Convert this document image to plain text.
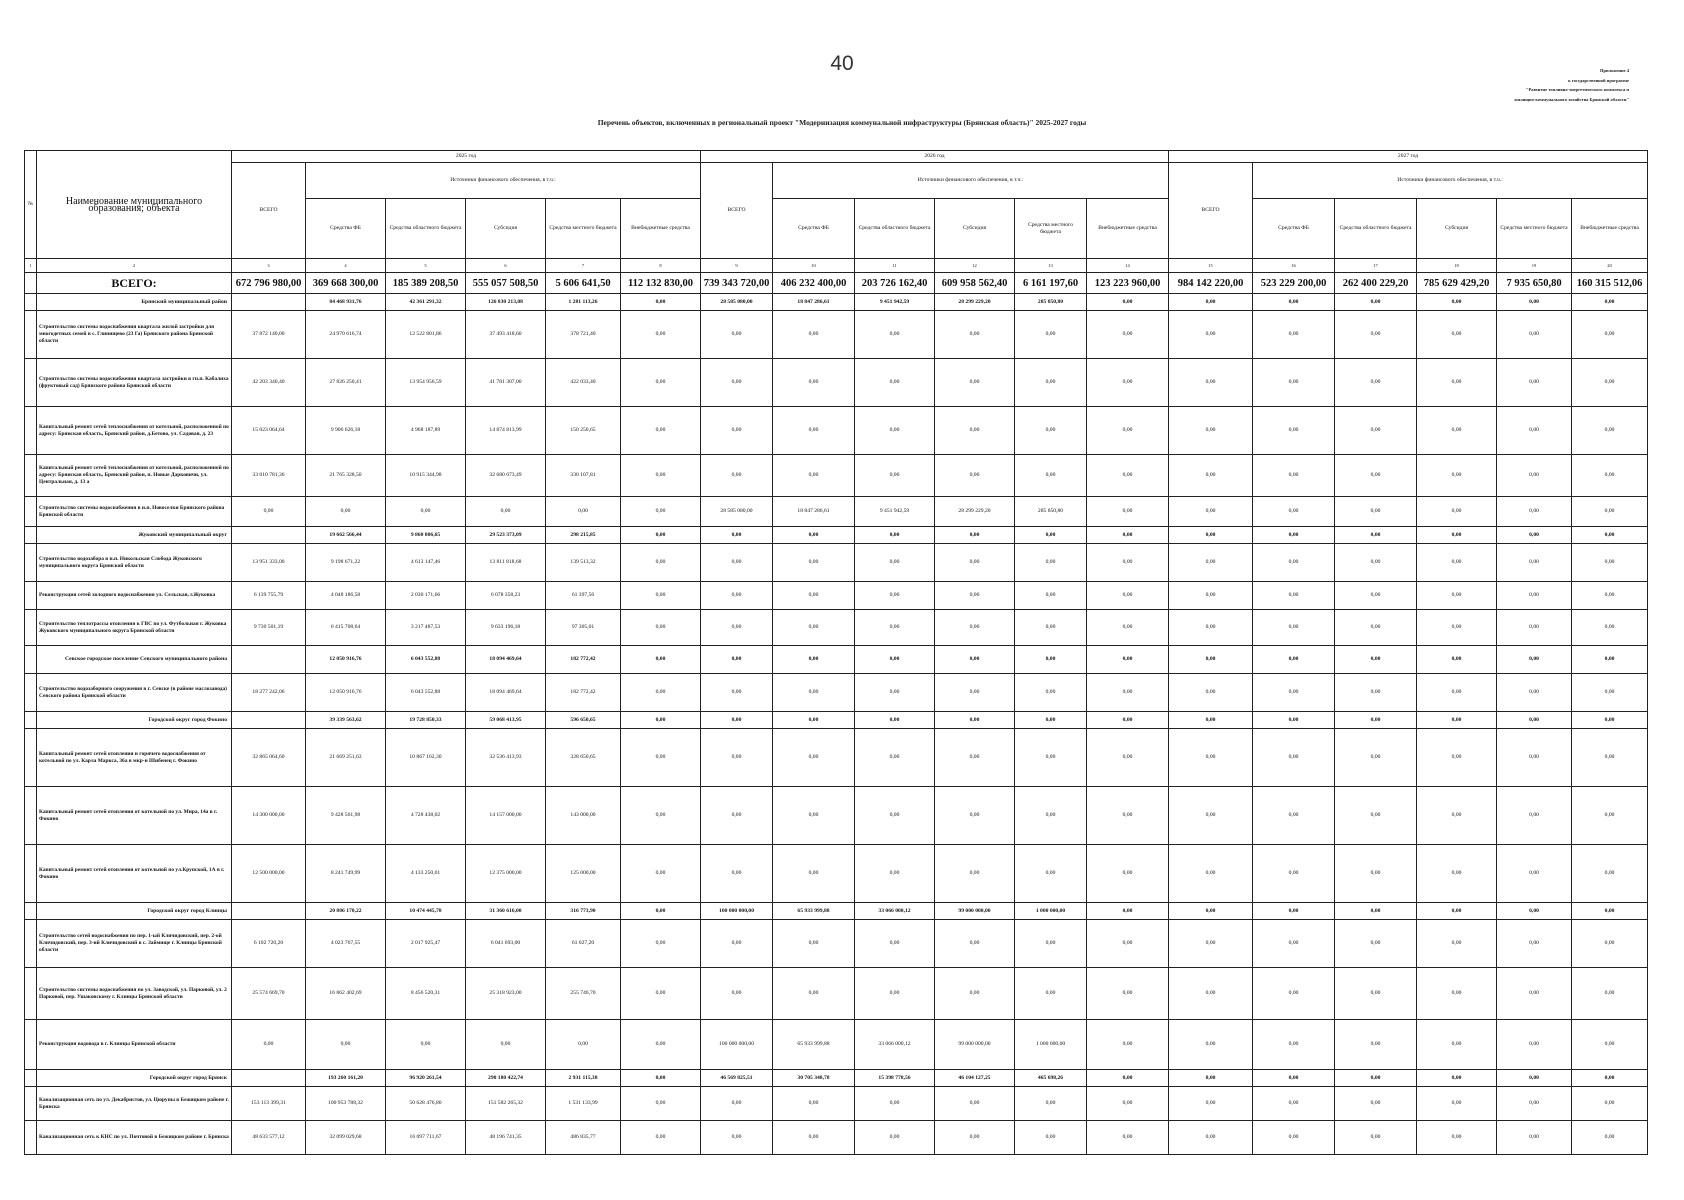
40	Приложение 4
к государственной программе
"Развитие топливно-энергетического комплекса и
жилищно-коммунального хозяйства Брянской области"
Перечень объектов, включенных в региональный проект "Модернизация коммунальной инфраструктуры (Брянская область)" 2025-2027 годы
№	Наименование муниципального образования; объекта	2025 год						2026 год						2027 год					
		ВСЕГО	Источники финансового обеспечения, в т.ч.:					ВСЕГО	Источники финансового обеспечения, в т.ч.:					ВСЕГО	Источники финансового обеспечения, в т.ч.:				
			Средства ФБ	Средства областного бюджета	Субсидия	Средства местного бюджета	Внебюджетные средства		Средства ФБ	Средства областного бюджета	Субсидия	Средства местного бюджета	Внебюджетные средства		Средства ФБ	Средства областного бюджета	Субсидия	Средства местного бюджета	Внебюджетные средства
1	2	3	4	5	6	7	8	9	10	11	12	13	14	15	16	17	18	19	20
	ВСЕГО:	672 796 980,00	369 668 300,00	185 389 208,50	555 057 508,50	5 606 641,50	112 132 830,00	739 343 720,00	406 232 400,00	203 726 162,40	609 958 562,40	6 161 197,60	123 223 960,00	984 142 220,00	523 229 200,00	262 400 229,20	785 629 429,20	7 935 650,80	160 315 512,06
	Брянский муниципальный район		84 468 931,76	42 361 291,32	126 830 213,08	1 281 113,26	0,00	28 585 080,00	18 847 286,61	9 451 942,59	28 299 229,20	285 850,80	0,00	0,00	0,00	0,00	0,00	0,00	0,00
	Строительство системы водоснабжения квартала жилой застройки для многодетных семей в с. Глинищево (23 Га) Брянского района Брянской области	37 872 140,00	24 970 616,74	12 522 801,86	37 493 418,60	378 721,40	0,00	0,00	0,00	0,00	0,00	0,00	0,00	0,00	0,00	0,00	0,00	0,00	0,00
	Строительство системы водоснабжения квартала застройки в гп.п. Кабалиха (фруктовый сад) Брянского района Брянской области	42 203 340,40	27 826 250,41	13 954 956,59	41 781 307,00	422 033,40	0,00	0,00	0,00	0,00	0,00	0,00	0,00	0,00	0,00	0,00	0,00	0,00	0,00
	Капитальный ремонт сетей теплоснабжения от котельной, расположенной по адресу: Брянская область, Брянский район, д.Бетово, ул. Садовая, д. 23	15 023 064,64	9 906 626,18	4 968 187,89	14 874 813,99	150 250,65	0,00	0,00	0,00	0,00	0,00	0,00	0,00	0,00	0,00	0,00	0,00	0,00	0,00
	Капитальный ремонт сетей теплоснабжения от котельной, расположенной по адресу: Брянская область, Брянский район, п. Новые Дарковичи, ул. Центральная, д. 13 а	33 010 781,36	21 765 328,50	10 915 344,98	32 680 673,49	330 107,81	0,00	0,00	0,00	0,00	0,00	0,00	0,00	0,00	0,00	0,00	0,00	0,00	0,00
	Строительство системы водоснабжения в н.п. Новоселки Брянского района Брянской области	0,00	0,00	0,00	0,00	0,00	0,00	28 585 080,00	18 847 286,61	9 451 942,59	28 299 229,20	285 850,80	0,00	0,00	0,00	0,00	0,00	0,00	0,00
	Жуковский муниципальный округ		19 662 566,44	9 860 806,65	29 523 373,09	298 215,85	0,00	0,00	0,00	0,00	0,00	0,00	0,00	0,00	0,00	0,00	0,00	0,00	0,00
	Строительство водозабора в н.п. Никольская Слобода Жуковского муниципального округа Брянской области	13 951 333,00	9 198 671,22	4 613 147,46	13 811 818,68	139 513,32	0,00	0,00	0,00	0,00	0,00	0,00	0,00	0,00	0,00	0,00	0,00	0,00	0,00
	Реконструкция сетей холодного водоснабжения ул. Сельская, г.Жуковка	6 139 755,79	4 048 186,58	2 030 171,66	6 078 358,23	61 397,56	0,00	0,00	0,00	0,00	0,00	0,00	0,00	0,00	0,00	0,00	0,00	0,00	0,00
	Строительство теплотрассы отопления к ГВС по ул. Футбольная г. Жуковка Жуковского муниципального округа Брянской области	9 730 501,19	6 415 708,64	3 217 487,53	9 633 196,18	97 305,01	0,00	0,00	0,00	0,00	0,00	0,00	0,00	0,00	0,00	0,00	0,00	0,00	0,00
	Севское городское поселение Севского муниципального района		12 050 916,76	6 043 552,88	18 094 469,64	182 772,42	0,00	0,00	0,00	0,00	0,00	0,00	0,00	0,00	0,00	0,00	0,00	0,00	0,00
	Строительство водозаборного сооружения в г. Севске (в районе маслозавода) Севского района Брянской области	18 277 242,06	12 050 916,76	6 043 552,88	18 094 469,64	182 772,42	0,00	0,00	0,00	0,00	0,00	0,00	0,00	0,00	0,00	0,00	0,00	0,00	0,00
	Городской округ город Фокино		39 339 563,62	19 728 850,33	59 068 413,95	596 650,65	0,00	0,00	0,00	0,00	0,00	0,00	0,00	0,00	0,00	0,00	0,00	0,00	0,00
	Капитальный ремонт сетей отопления и горячего водоснабжения от котельной по ул. Карла Маркса, 36а в мкр-н Шибенец г. Фокино	32 865 064,60	21 669 251,63	10 867 162,30	32 536 413,93	328 650,65	0,00	0,00	0,00	0,00	0,00	0,00	0,00	0,00	0,00	0,00	0,00	0,00	0,00
	Капитальный ремонт сетей отопления от котельной по ул. Мира, 14а в г. Фокино	14 300 000,00	9 428 561,98	4 728 438,02	14 157 000,00	143 000,00	0,00	0,00	0,00	0,00	0,00	0,00	0,00	0,00	0,00	0,00	0,00	0,00	0,00
	Капитальный ремонт сетей отопления от котельной по ул.Крупской, 1А в г. Фокино	12 500 000,00	8 241 749,99	4 133 250,01	12 375 000,00	125 000,00	0,00	0,00	0,00	0,00	0,00	0,00	0,00	0,00	0,00	0,00	0,00	0,00	0,00
	Городской округ город Клинцы		20 886 170,22	10 474 445,78	31 360 616,00	316 773,90	0,00	100 000 000,00	65 933 999,88	33 066 000,12	99 000 000,00	1 000 000,00	0,00	0,00	0,00	0,00	0,00	0,00	0,00
	Строительство сетей водоснабжения по пер. 1-ый Кличидовский, пер. 2-ой Кличидовский, пер. 3-ий Кличидовский в с. Займище г. Клинцы Брянской области	6 102 720,20	4 023 767,55	2 017 925,47	6 041 693,00	61 027,20	0,00	0,00	0,00	0,00	0,00	0,00	0,00	0,00	0,00	0,00	0,00	0,00	0,00
	Строительство системы водоснабжения по ул. Заводской, ул. Парковой, ул. 2 Парковой, пер. Ушаковскому г. Клинцы Брянской области	25 574 669,70	16 862 402,69	8 456 520,31	25 318 923,00	255 746,70	0,00	0,00	0,00	0,00	0,00	0,00	0,00	0,00	0,00	0,00	0,00	0,00	0,00
	Реконструкция водовода в г. Клинцы Брянской области	0,00	0,00	0,00	0,00	0,00	0,00	100 000 000,00	65 933 999,88	33 066 000,12	99 000 000,00	1 000 000,00	0,00	0,00	0,00	0,00	0,00	0,00	0,00
	Городской округ город Брянск		193 260 161,20	96 920 261,54	290 180 422,74	2 931 115,38	0,00	46 569 825,51	30 705 348,78	15 398 778,56	46 104 127,25	465 698,26	0,00	0,00	0,00	0,00	0,00	0,00	0,00
	Канализационная сеть по ул. Декабристов, ул. Цюрупы в Бежицком районе г. Брянска	153 113 399,31	100 953 788,32	50 628 476,80	151 582 265,32	1 531 133,99	0,00	0,00	0,00	0,00	0,00	0,00	0,00	0,00	0,00	0,00	0,00	0,00	0,00
	Канализационная сеть к КНС по ул. Почтовой в Бежицком районе г. Брянска	48 633 577,12	32 099 029,68	16 097 711,67	48 196 741,35	486 835,77	0,00	0,00	0,00	0,00	0,00	0,00	0,00	0,00	0,00	0,00	0,00	0,00	0,00
